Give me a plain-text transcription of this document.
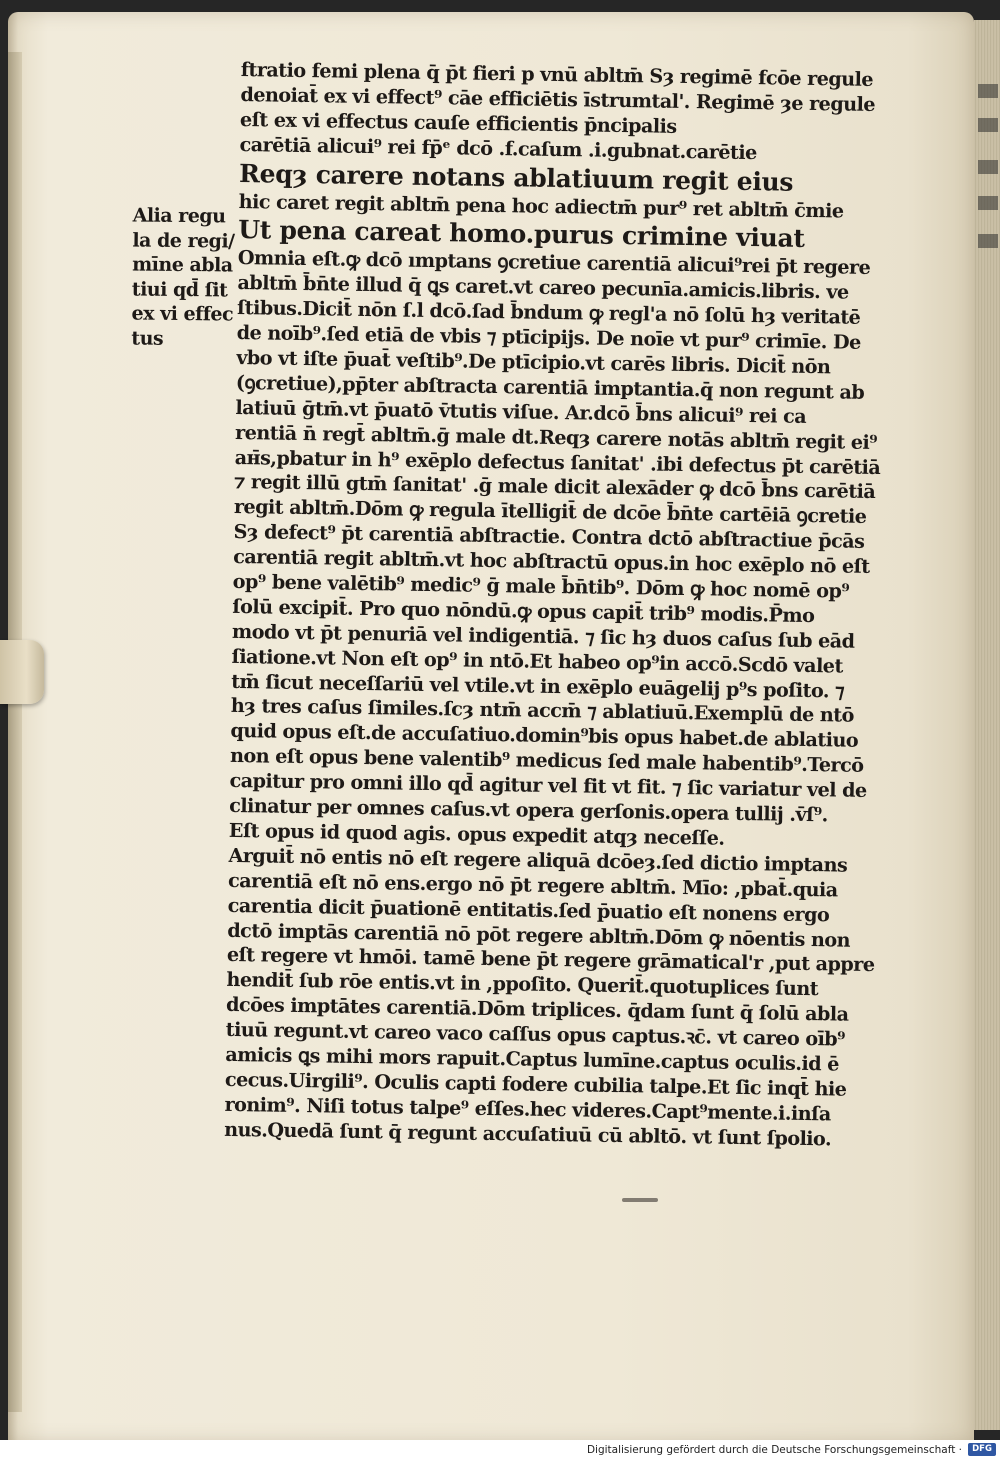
Alia regu
la de regi/
mīne abla
tiui qd̄ ſit
ex vi effec
tus
ftratio femi plena q̄ p̄t fieri p vnū abltm̄ Sȝ regimē fcōe regule
denoiat̄ ex vi effect⁹ cāe efficiētis īstrumtal'. Regimē ȝe regule
eſt ex vi effectus cauſe efficientis p̄ncipalis
carētiā alicui⁹ rei fp̄ᵉ dcō .f.caſum .i.gubnat.carētie
Reqȝ carere notans ablatiuum regit eius
hic caret regit abltm̄ pena hoc adiectm̄ pur⁹ ret abltm̄ c̄mie
Ut pena careat homo.purus crimine viuat
Omnia eſt.ꝙ dcō ımptans ꝯcretiue carentiā alicui⁹rei p̄t regere
abltm̄ b̄n̄te illud q̄ ꝗs caret.vt careo pecunīa.amicis.libris. ve
ſtibus.Dicit̄ nōn ſ.l dcō.ſad b̄ndum ꝙ regl'a nō ſolū hȝ veritatē
de noīb⁹.ſed etiā de vbis ⁊ ptīcipijs. De noīe vt pur⁹ crimīe. De
vbo vt iſte p̄uat̄ veſtib⁹.De ptīcipio.vt carēs libris. Dicit̄ nōn
(ꝯcretiue),pp̄ter abſtracta carentiā imptantia.q̄ non regunt ab
latiuū ḡtm̄.vt p̄uatō v̄tutis viſue. Ar.dcō b̄ns alicui⁹ rei ca
rentiā n̄ regt̄ abltm̄.ḡ male dt.Reqȝ carere notās abltm̄ regit ei⁹
aн̄s,pbatur in h⁹ exēplo defectus ſanitat' .ibi defectus p̄t carētiā
⁊ regit illū gtm̄ ſanitat' .ḡ male dicit alexāder ꝙ dcō b̄ns carētiā
regit abltm̄.Dōm ꝙ regula ītelligit̄ de dcōe b̄n̄te cartēiā ꝯcretie
Sȝ defect⁹ p̄t carentiā abſtractie. Contra dctō abſtractiue p̄cās
carentiā regit abltm̄.vt hoc abſtractū opus.in hoc exēplo nō eſt
op⁹ bene valētib⁹ medic⁹ ḡ male b̄n̄tib⁹. Dōm ꝙ hoc nomē op⁹
ſolū excipit̄. Pro quo nōndū.ꝙ opus capit̄ trib⁹ modis.P̄mo
modo vt p̄t penuriā vel indigentiā. ⁊ ſic hȝ duos caſus ſub eād
ſiatione.vt Non eſt op⁹ in ntō.Et habeo op⁹in accō.Scdō valet
tm̄ ſicut neceſſariū vel vtile.vt in exēplo euāgelij p⁹s poſito. ⁊
hȝ tres caſus ſimiles.ſcȝ ntm̄ accm̄ ⁊ ablatiuū.Exemplū de ntō
quid opus eſt.de accuſatiuo.domin⁹bis opus habet.de ablatiuo
non eſt opus bene valentib⁹ medicus ſed male habentib⁹.Tercō
capitur pro omni illo qd̄ agitur vel fit vt fit. ⁊ ſic variatur vel de
clinatur per omnes caſus.vt opera gerſonis.opera tullij .v̄ſ⁹.
Eſt opus id quod agis. opus expedit atqȝ neceſſe.
Arguit̄ nō entis nō eſt regere aliquā dcōeȝ.ſed dictio imptans
carentiā eſt nō ens.ergo nō p̄t regere abltm̄. Mīo: ,pbat̄.quia
carentia dicit p̄uationē entitatis.ſed p̄uatio eſt nonens ergo
dctō imptās carentiā nō pōt regere abltm̄.Dōm ꝙ nōentis non
eſt regere vt hmōi. tamē bene p̄t regere grāmatical'r ,put appre
hendit̄ ſub rōe entis.vt in ,ppoſito. Querit̄.quotuplices ſunt
dcōes imptātes carentiā.Dōm triplices. q̄dam ſunt q̄ ſolū abla
tiuū regunt.vt careo vaco caſſus opus captus.ꝛc̄. vt careo oīb⁹
amicis ꝗs mihi mors rapuit.Captus lumīne.captus oculis.id ē
cecus.Uirgili⁹. Oculis capti fodere cubilia talpe.Et ſic inqt̄ hie
ronim⁹. Niſi totus talpe⁹ eſſes.hec videres.Capt⁹mente.i.inſa
nus.Quedā ſunt q̄ regunt accuſatiuū cū abltō. vt ſunt ſpolio.
Digitalisierung gefördert durch die Deutsche Forschungsgemeinschaft ·	DFG
